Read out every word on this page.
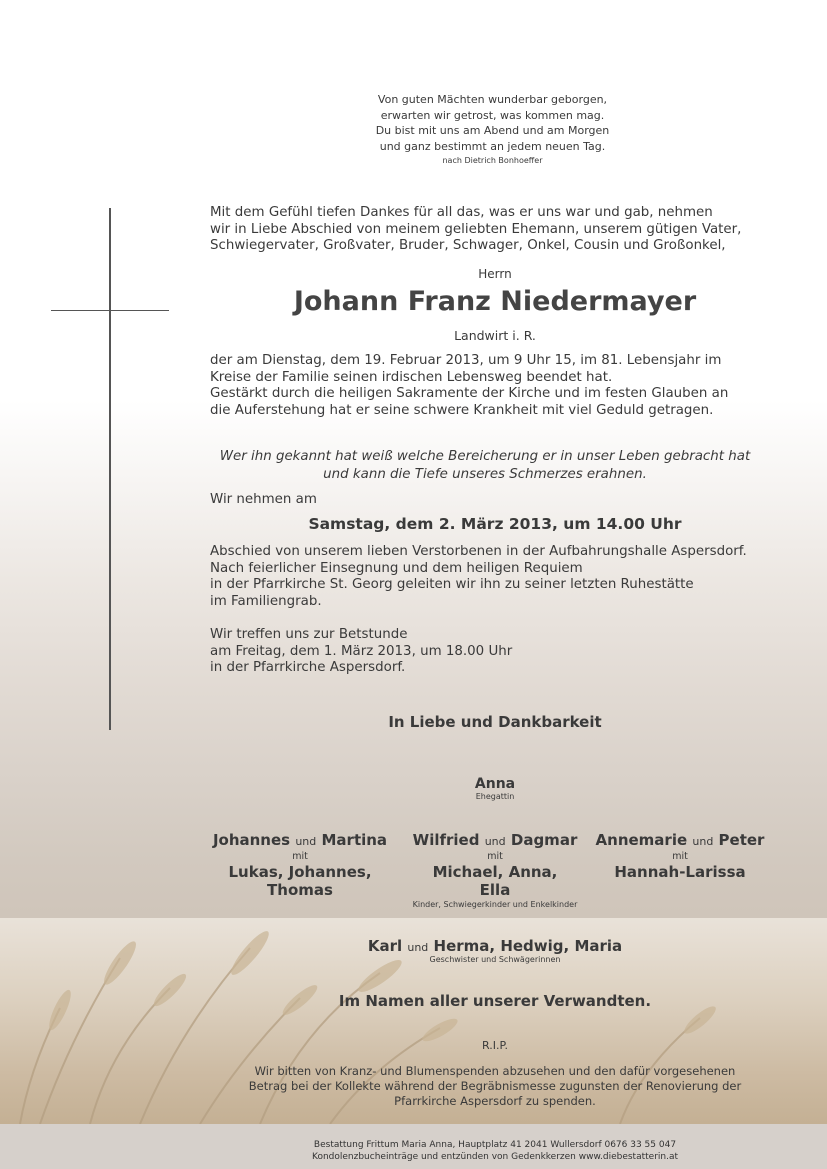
Von guten Mächten wunderbar geborgen,
erwarten wir getrost, was kommen mag.
Du bist mit uns am Abend und am Morgen
und ganz bestimmt an jedem neuen Tag.
nach Dietrich Bonhoeffer
Mit dem Gefühl tiefen Dankes für all das, was er uns war und gab, nehmen
wir in Liebe Abschied von meinem geliebten Ehemann, unserem gütigen Vater,
Schwiegervater, Großvater, Bruder, Schwager, Onkel, Cousin und Großonkel,
Herrn
Johann Franz Niedermayer
Landwirt i. R.
der am Dienstag, dem 19. Februar 2013, um 9 Uhr 15, im 81. Lebensjahr im
Kreise der Familie seinen irdischen Lebensweg beendet hat.
Gestärkt durch die heiligen Sakramente der Kirche und im festen Glauben an
die Auferstehung hat er seine schwere Krankheit mit viel Geduld getragen.
Wer ihn gekannt hat weiß welche Bereicherung er in unser Leben gebracht hat
und kann die Tiefe unseres Schmerzes erahnen.
Wir nehmen am
Samstag, dem 2. März 2013, um 14.00 Uhr
Abschied von unserem lieben Verstorbenen in der Aufbahrungshalle Aspersdorf.
Nach feierlicher Einsegnung und dem heiligen Requiem
in der Pfarrkirche St. Georg geleiten wir ihn zu seiner letzten Ruhestätte
im Familiengrab.
Wir treffen uns zur Betstunde
am Freitag, dem 1. März 2013, um 18.00 Uhr
in der Pfarrkirche Aspersdorf.
In Liebe und Dankbarkeit
Anna
Ehegattin
Johannes und Martina
mit
Lukas, Johannes,
Thomas
Wilfried und Dagmar
mit
Michael, Anna,
Ella
Annemarie und Peter
mit
Hannah-Larissa
Kinder, Schwiegerkinder und Enkelkinder
Karl und Herma, Hedwig, Maria
Geschwister und Schwägerinnen
Im Namen aller unserer Verwandten.
R.I.P.
Wir bitten von Kranz- und Blumenspenden abzusehen und den dafür vorgesehenen
Betrag bei der Kollekte während der Begräbnismesse zugunsten der Renovierung der
Pfarrkirche Aspersdorf zu spenden.
Bestattung Frittum Maria Anna, Hauptplatz 41 2041 Wullersdorf 0676 33 55 047
Kondolenzbucheinträge und entzünden von Gedenkkerzen www.diebestatterin.at
